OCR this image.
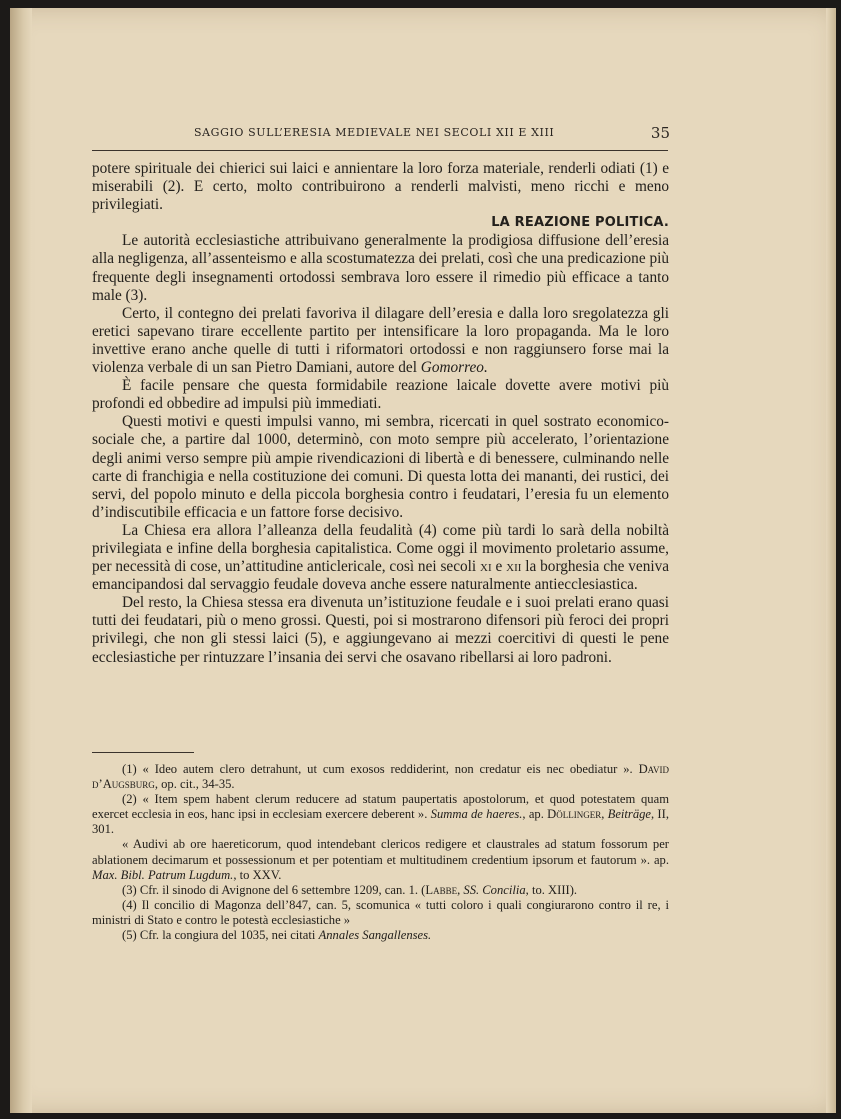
SAGGIO SULL’ERESIA MEDIEVALE NEI SECOLI XII E XIII	35

potere spirituale dei chierici sui laici e annientare la loro forza materiale, renderli odiati (1) e miserabili (2). E certo, molto contribuirono a renderli malvisti, meno ricchi e meno privilegiati.

LA REAZIONE POLITICA.

Le autorità ecclesiastiche attribuivano generalmente la prodigiosa diffusione dell’eresia alla negligenza, all’assenteismo e alla scostumatezza dei prelati, così che una predicazione più frequente degli insegnamenti ortodossi sembrava loro essere il rimedio più efficace a tanto male (3).

Certo, il contegno dei prelati favoriva il dilagare dell’eresia e dalla loro sregolatezza gli eretici sapevano tirare eccellente partito per intensificare la loro propaganda. Ma le loro invettive erano anche quelle di tutti i riformatori ortodossi e non raggiunsero forse mai la violenza verbale di un san Pietro Damiani, autore del Gomorreo.

È facile pensare che questa formidabile reazione laicale dovette avere motivi più profondi ed obbedire ad impulsi più immediati.

Questi motivi e questi impulsi vanno, mi sembra, ricercati in quel sostrato economico-sociale che, a partire dal 1000, determinò, con moto sempre più accelerato, l’orientazione degli animi verso sempre più ampie rivendicazioni di libertà e di benessere, culminando nelle carte di franchigia e nella costituzione dei comuni. Di questa lotta dei mananti, dei rustici, dei servi, del popolo minuto e della piccola borghesia contro i feudatari, l’eresia fu un elemento d’indiscutibile efficacia e un fattore forse decisivo.

La Chiesa era allora l’alleanza della feudalità (4) come più tardi lo sarà della nobiltà privilegiata e infine della borghesia capitalistica. Come oggi il movimento proletario assume, per necessità di cose, un’attitudine anticlericale, così nei secoli xi e xii la borghesia che veniva emancipandosi dal servaggio feudale doveva anche essere naturalmente antiecclesiastica.

Del resto, la Chiesa stessa era divenuta un’istituzione feudale e i suoi prelati erano quasi tutti dei feudatari, più o meno grossi. Questi, poi si mostrarono difensori più feroci dei propri privilegi, che non gli stessi laici (5), e aggiungevano ai mezzi coercitivi di questi le pene ecclesiastiche per rintuzzare l’insania dei servi che osavano ribellarsi ai loro padroni.

(1) « Ideo autem clero detrahunt, ut cum exosos reddiderint, non credatur eis nec obediatur ». David d’Augsburg, op. cit., 34-35.

(2) « Item spem habent clerum reducere ad statum paupertatis apostolorum, et quod potestatem quam exercet ecclesia in eos, hanc ipsi in ecclesiam exercere deberent ». Summa de haeres., ap. Döllinger, Beiträge, II, 301.

« Audivi ab ore haereticorum, quod intendebant clericos redigere et claustrales ad statum fossorum per ablationem decimarum et possessionum et per potentiam et multitudinem credentium ipsorum et fautorum ». ap. Max. Bibl. Patrum Lugdum., to XXV.

(3) Cfr. il sinodo di Avignone del 6 settembre 1209, can. 1. (Labbe, SS. Concilia, to. XIII).

(4) Il concilio di Magonza dell’847, can. 5, scomunica « tutti coloro i quali congiurarono contro il re, i ministri di Stato e contro le potestà ecclesiastiche »

(5) Cfr. la congiura del 1035, nei citati Annales Sangallenses.
